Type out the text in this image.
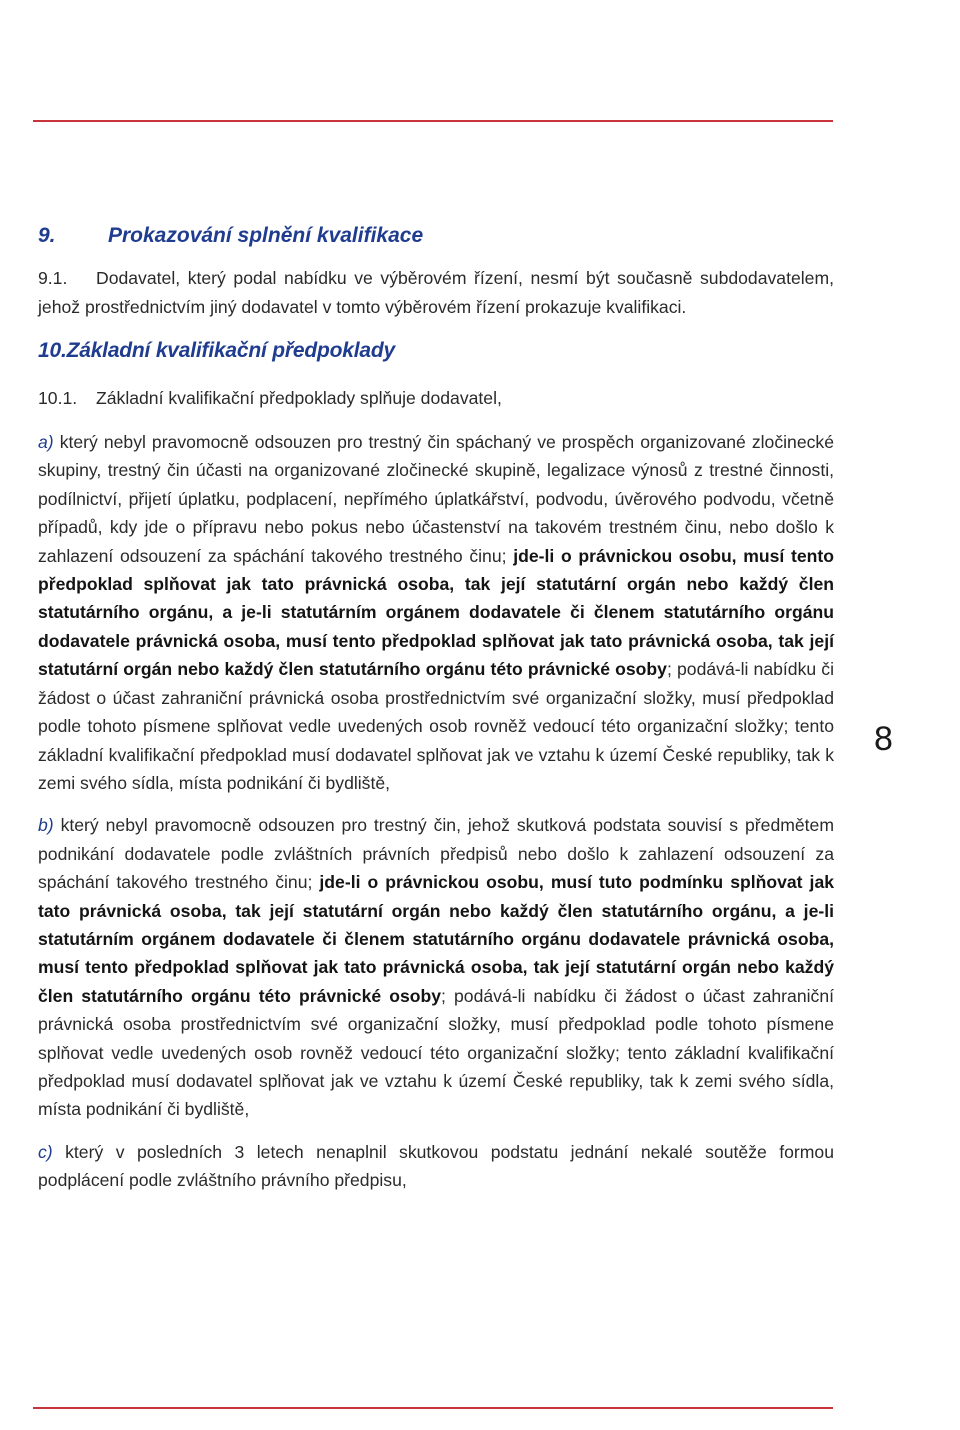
9. Prokazování splnění kvalifikace

9.1. Dodavatel, který podal nabídku ve výběrovém řízení, nesmí být současně subdodavatelem, jehož prostřednictvím jiný dodavatel v tomto výběrovém řízení prokazuje kvalifikaci.

10.Základní kvalifikační předpoklady

10.1. Základní kvalifikační předpoklady splňuje dodavatel,

a) který nebyl pravomocně odsouzen pro trestný čin spáchaný ve prospěch organizované zločinecké skupiny, trestný čin účasti na organizované zločinecké skupině, legalizace výnosů z trestné činnosti, podílnictví, přijetí úplatku, podplacení, nepřímého úplatkářství, podvodu, úvěrového podvodu, včetně případů, kdy jde o přípravu nebo pokus nebo účastenství na takovém trestném činu, nebo došlo k zahlazení odsouzení za spáchání takového trestného činu; jde-li o právnickou osobu, musí tento předpoklad splňovat jak tato právnická osoba, tak její statutární orgán nebo každý člen statutárního orgánu, a je-li statutárním orgánem dodavatele či členem statutárního orgánu dodavatele právnická osoba, musí tento předpoklad splňovat jak tato právnická osoba, tak její statutární orgán nebo každý člen statutárního orgánu této právnické osoby; podává-li nabídku či žádost o účast zahraniční právnická osoba prostřednictvím své organizační složky, musí předpoklad podle tohoto písmene splňovat vedle uvedených osob rovněž vedoucí této organizační složky; tento základní kvalifikační předpoklad musí dodavatel splňovat jak ve vztahu k území České republiky, tak k zemi svého sídla, místa podnikání či bydliště,

b) který nebyl pravomocně odsouzen pro trestný čin, jehož skutková podstata souvisí s předmětem podnikání dodavatele podle zvláštních právních předpisů nebo došlo k zahlazení odsouzení za spáchání takového trestného činu; jde-li o právnickou osobu, musí tuto podmínku splňovat jak tato právnická osoba, tak její statutární orgán nebo každý člen statutárního orgánu, a je-li statutárním orgánem dodavatele či členem statutárního orgánu dodavatele právnická osoba, musí tento předpoklad splňovat jak tato právnická osoba, tak její statutární orgán nebo každý člen statutárního orgánu této právnické osoby; podává-li nabídku či žádost o účast zahraniční právnická osoba prostřednictvím své organizační složky, musí předpoklad podle tohoto písmene splňovat vedle uvedených osob rovněž vedoucí této organizační složky; tento základní kvalifikační předpoklad musí dodavatel splňovat jak ve vztahu k území České republiky, tak k zemi svého sídla, místa podnikání či bydliště,

c) který v posledních 3 letech nenaplnil skutkovou podstatu jednání nekalé soutěže formou podplácení podle zvláštního právního předpisu,

8
